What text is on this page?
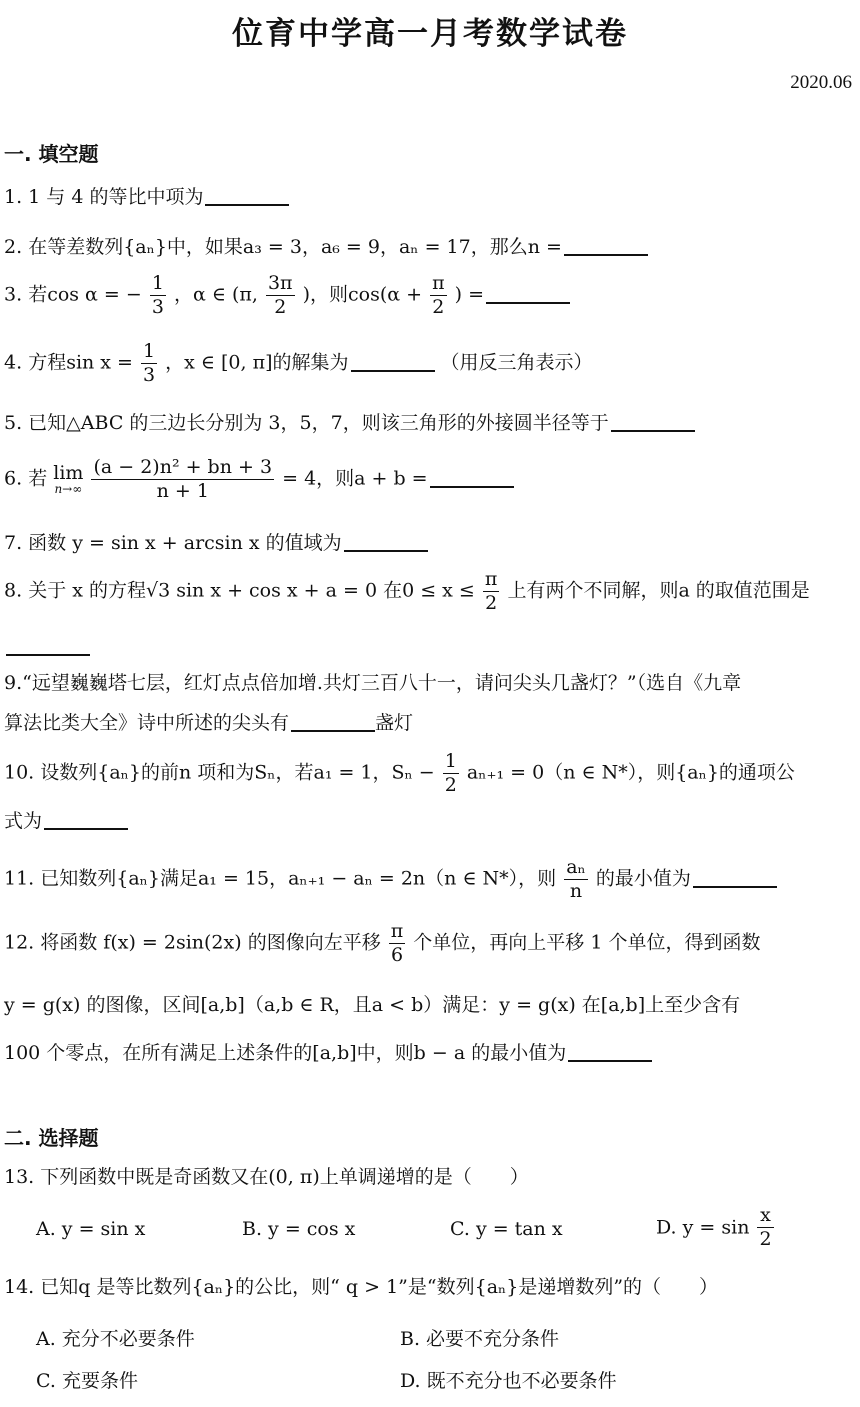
位育中学高一月考数学试卷
2020.06
一. 填空题
1. 1 与 4 的等比中项为
2. 在等差数列{aₙ}中，如果a₃ = 3，a₆ = 9，aₙ = 17，那么n =
3. 若cos α = − $\frac{1}{3}$ ，α ∈ (π, $\frac{3\pi}{2}$ )，则$\cos(\alpha + \frac{\pi}{2}$ ) =
4. 方程$\sin x = \frac{1}{3}$ ，x ∈ [0, π]的解集为	（用反三角表示）
5. 已知△ABC 的三边长分别为 3，5，7，则该三角形的外接圆半径等于
6. 若 lim
n→∞
$\frac{\text{(a − 2)n² + bn + 3}}{n + 1} = 4$，则a + b =
7. 函数 y = sin x + arcsin x 的值域为
8. 关于 x 的方程√3 sin x + cos x + a = 0 在$0 \le x \le \frac{\pi}{2}$ 上有两个不同解，则a 的取值范围是
9.“远望巍巍塔七层，红灯点点倍加增.共灯三百八十一，请问尖头几盏灯？”（选自《九章
算法比类大全》诗中所述的尖头有	盏灯
10. 设数列{aₙ}的前n 项和为Sₙ，若a₁ = 1，$S_n - \frac{1}{2} a_{n+1} = 0(n$ ∈ N*），则{aₙ}的通项公
式为
11. 已知数列{aₙ}满足a₁ = 15，aₙ₊₁ − aₙ = 2n（n ∈ N*），则 $\frac{\text{aₙ}}{n}$ 的最小值为
12. 将函数 f(x) = 2sin(2x) 的图像向左平移 $\frac{\pi}{6}$ 个单位，再向上平移 1 个单位，得到函数
y = g(x) 的图像，区间[a,b]（a,b ∈ R，且a < b）满足：y = g(x) 在[a,b]上至少含有
100 个零点，在所有满足上述条件的[a,b]中，则b − a 的最小值为
二. 选择题
13. 下列函数中既是奇函数又在(0, π)上单调递增的是（　　）
A. y = sin x	B. y = cos x	C. y = tan x	D. $y = \sin \frac{x}{2}$
14. 已知q 是等比数列{aₙ}的公比，则“ q > 1”是“数列{aₙ}是递增数列”的（　　）
A. 充分不必要条件	B. 必要不充分条件
C. 充要条件	D. 既不充分也不必要条件
